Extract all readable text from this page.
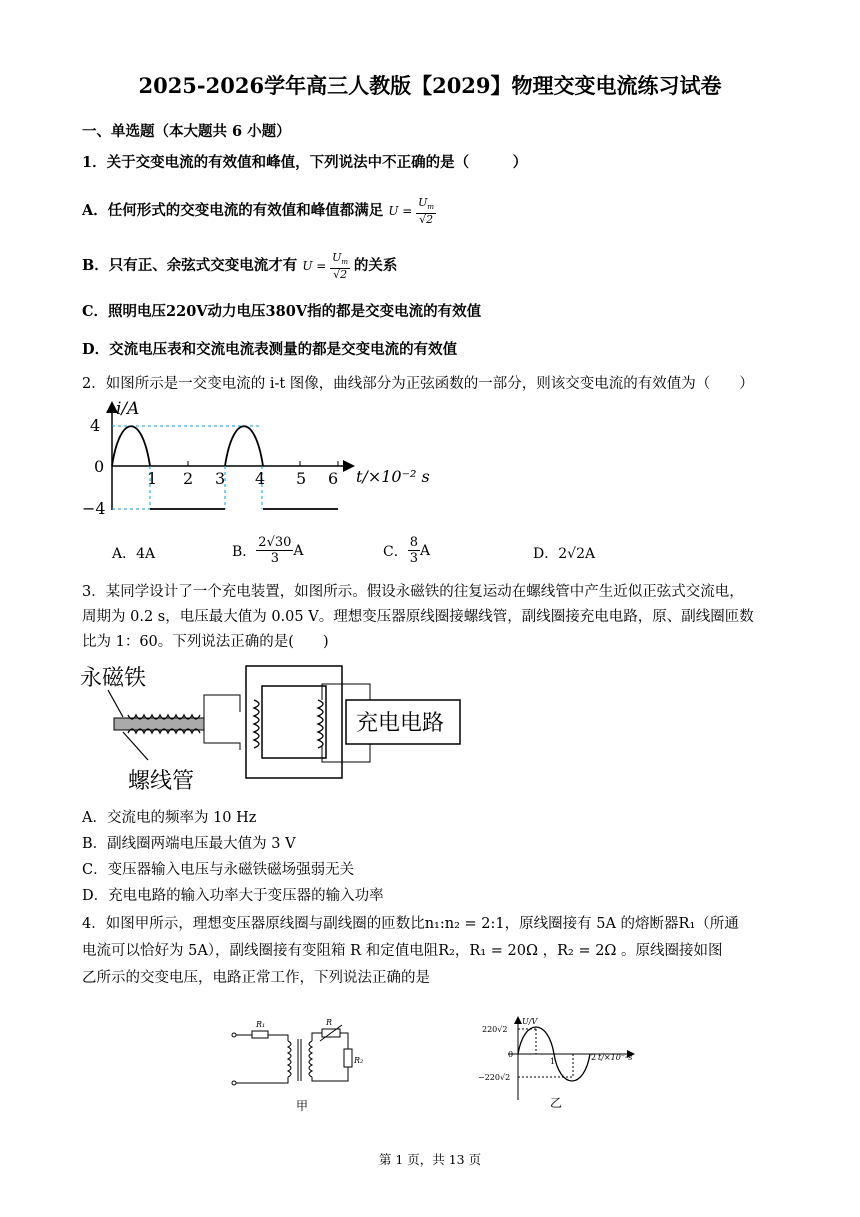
2025-2026学年高三人教版【2029】物理交变电流练习试卷
一、单选题（本大题共 6 小题）
1．关于交变电流的有效值和峰值，下列说法中不正确的是（　　　）
A．任何形式的交变电流的有效值和峰值都满足 $U = \frac{U_m}{√2}$
B．只有正、余弦式交变电流才有 $U = \frac{U_m}{√2}$ 的关系
C．照明电压220V动力电压380V指的都是交变电流的有效值
D．交流电压表和交流电流表测量的都是交变电流的有效值
2．如图所示是一交变电流的 i-t 图像，曲线部分为正弦函数的一部分，则该交变电流的有效值为（　　）
i/A
4
0
−4
1 2 3 4 5 6 t/×10⁻² s
A．4A	B． $\frac{2√30}{3}$ A	C． $\frac{8}{3}$ A	D．2√2A
3．某同学设计了一个充电装置，如图所示。假设永磁铁的往复运动在螺线管中产生近似正弦式交流电，
周期为 0.2 s，电压最大值为 0.05 V。理想变压器原线圈接螺线管，副线圈接充电电路，原、副线圈匝数
比为 1：60。下列说法正确的是(　　)
永磁铁
螺线管
充电电路
A．交流电的频率为 10 Hz
B．副线圈两端电压最大值为 3 V
C．变压器输入电压与永磁铁磁场强弱无关
D．充电电路的输入功率大于变压器的输入功率
4．如图甲所示，理想变压器原线圈与副线圈的匝数比n₁:n₂ = 2:1，原线圈接有 5A 的熔断器R₁（所通
电流可以恰好为 5A），副线圈接有变阻箱 R 和定值电阻R₂，R₁ = 20Ω ，R₂ = 2Ω 。原线圈接如图
乙所示的交变电压，电路正常工作，下列说法正确的是
R₁	R
R₂
甲
U/V
220√2
0
−220√2
1	2 t/×10⁻²s
乙
第 1 页，共 13 页
